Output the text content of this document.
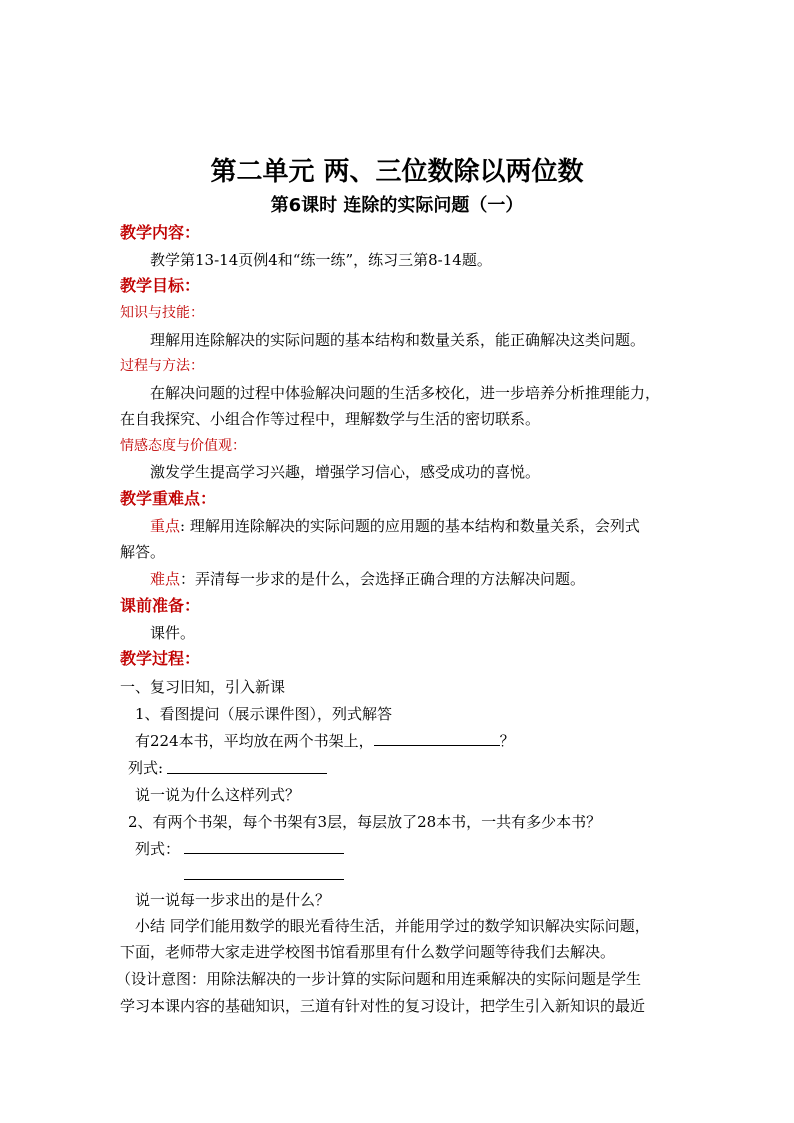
第二单元 两、三位数除以两位数
第6课时 连除的实际问题（一）
教学内容：
教学第13-14页例4和“练一练”，练习三第8-14题。
教学目标：
知识与技能：
理解用连除解决的实际问题的基本结构和数量关系，能正确解决这类问题。
过程与方法：
在解决问题的过程中体验解决问题的生活多校化，进一步培养分析推理能力，
在自我探究、小组合作等过程中，理解数学与生活的密切联系。
情感态度与价值观：
激发学生提高学习兴趣，增强学习信心，感受成功的喜悦。
教学重难点：
重点: 理解用连除解决的实际问题的应用题的基本结构和数量关系，会列式
解答。
难点：弄清每一步求的是什么，会选择正确合理的方法解决问题。
课前准备：
课件。
教学过程：
一、复习旧知，引入新课
1、看图提问（展示课件图），列式解答
有224本书，平均放在两个书架上，	？
列式:
说一说为什么这样列式？
2、有两个书架，每个书架有3层，每层放了28本书，一共有多少本书？
列式：
说一说每一步求出的是什么？
小结 同学们能用数学的眼光看待生活，并能用学过的数学知识解决实际问题，
下面，老师带大家走进学校图书馆看那里有什么数学问题等待我们去解决。
（设计意图：用除法解决的一步计算的实际问题和用连乘解决的实际问题是学生
学习本课内容的基础知识，三道有针对性的复习设计，把学生引入新知识的最近
